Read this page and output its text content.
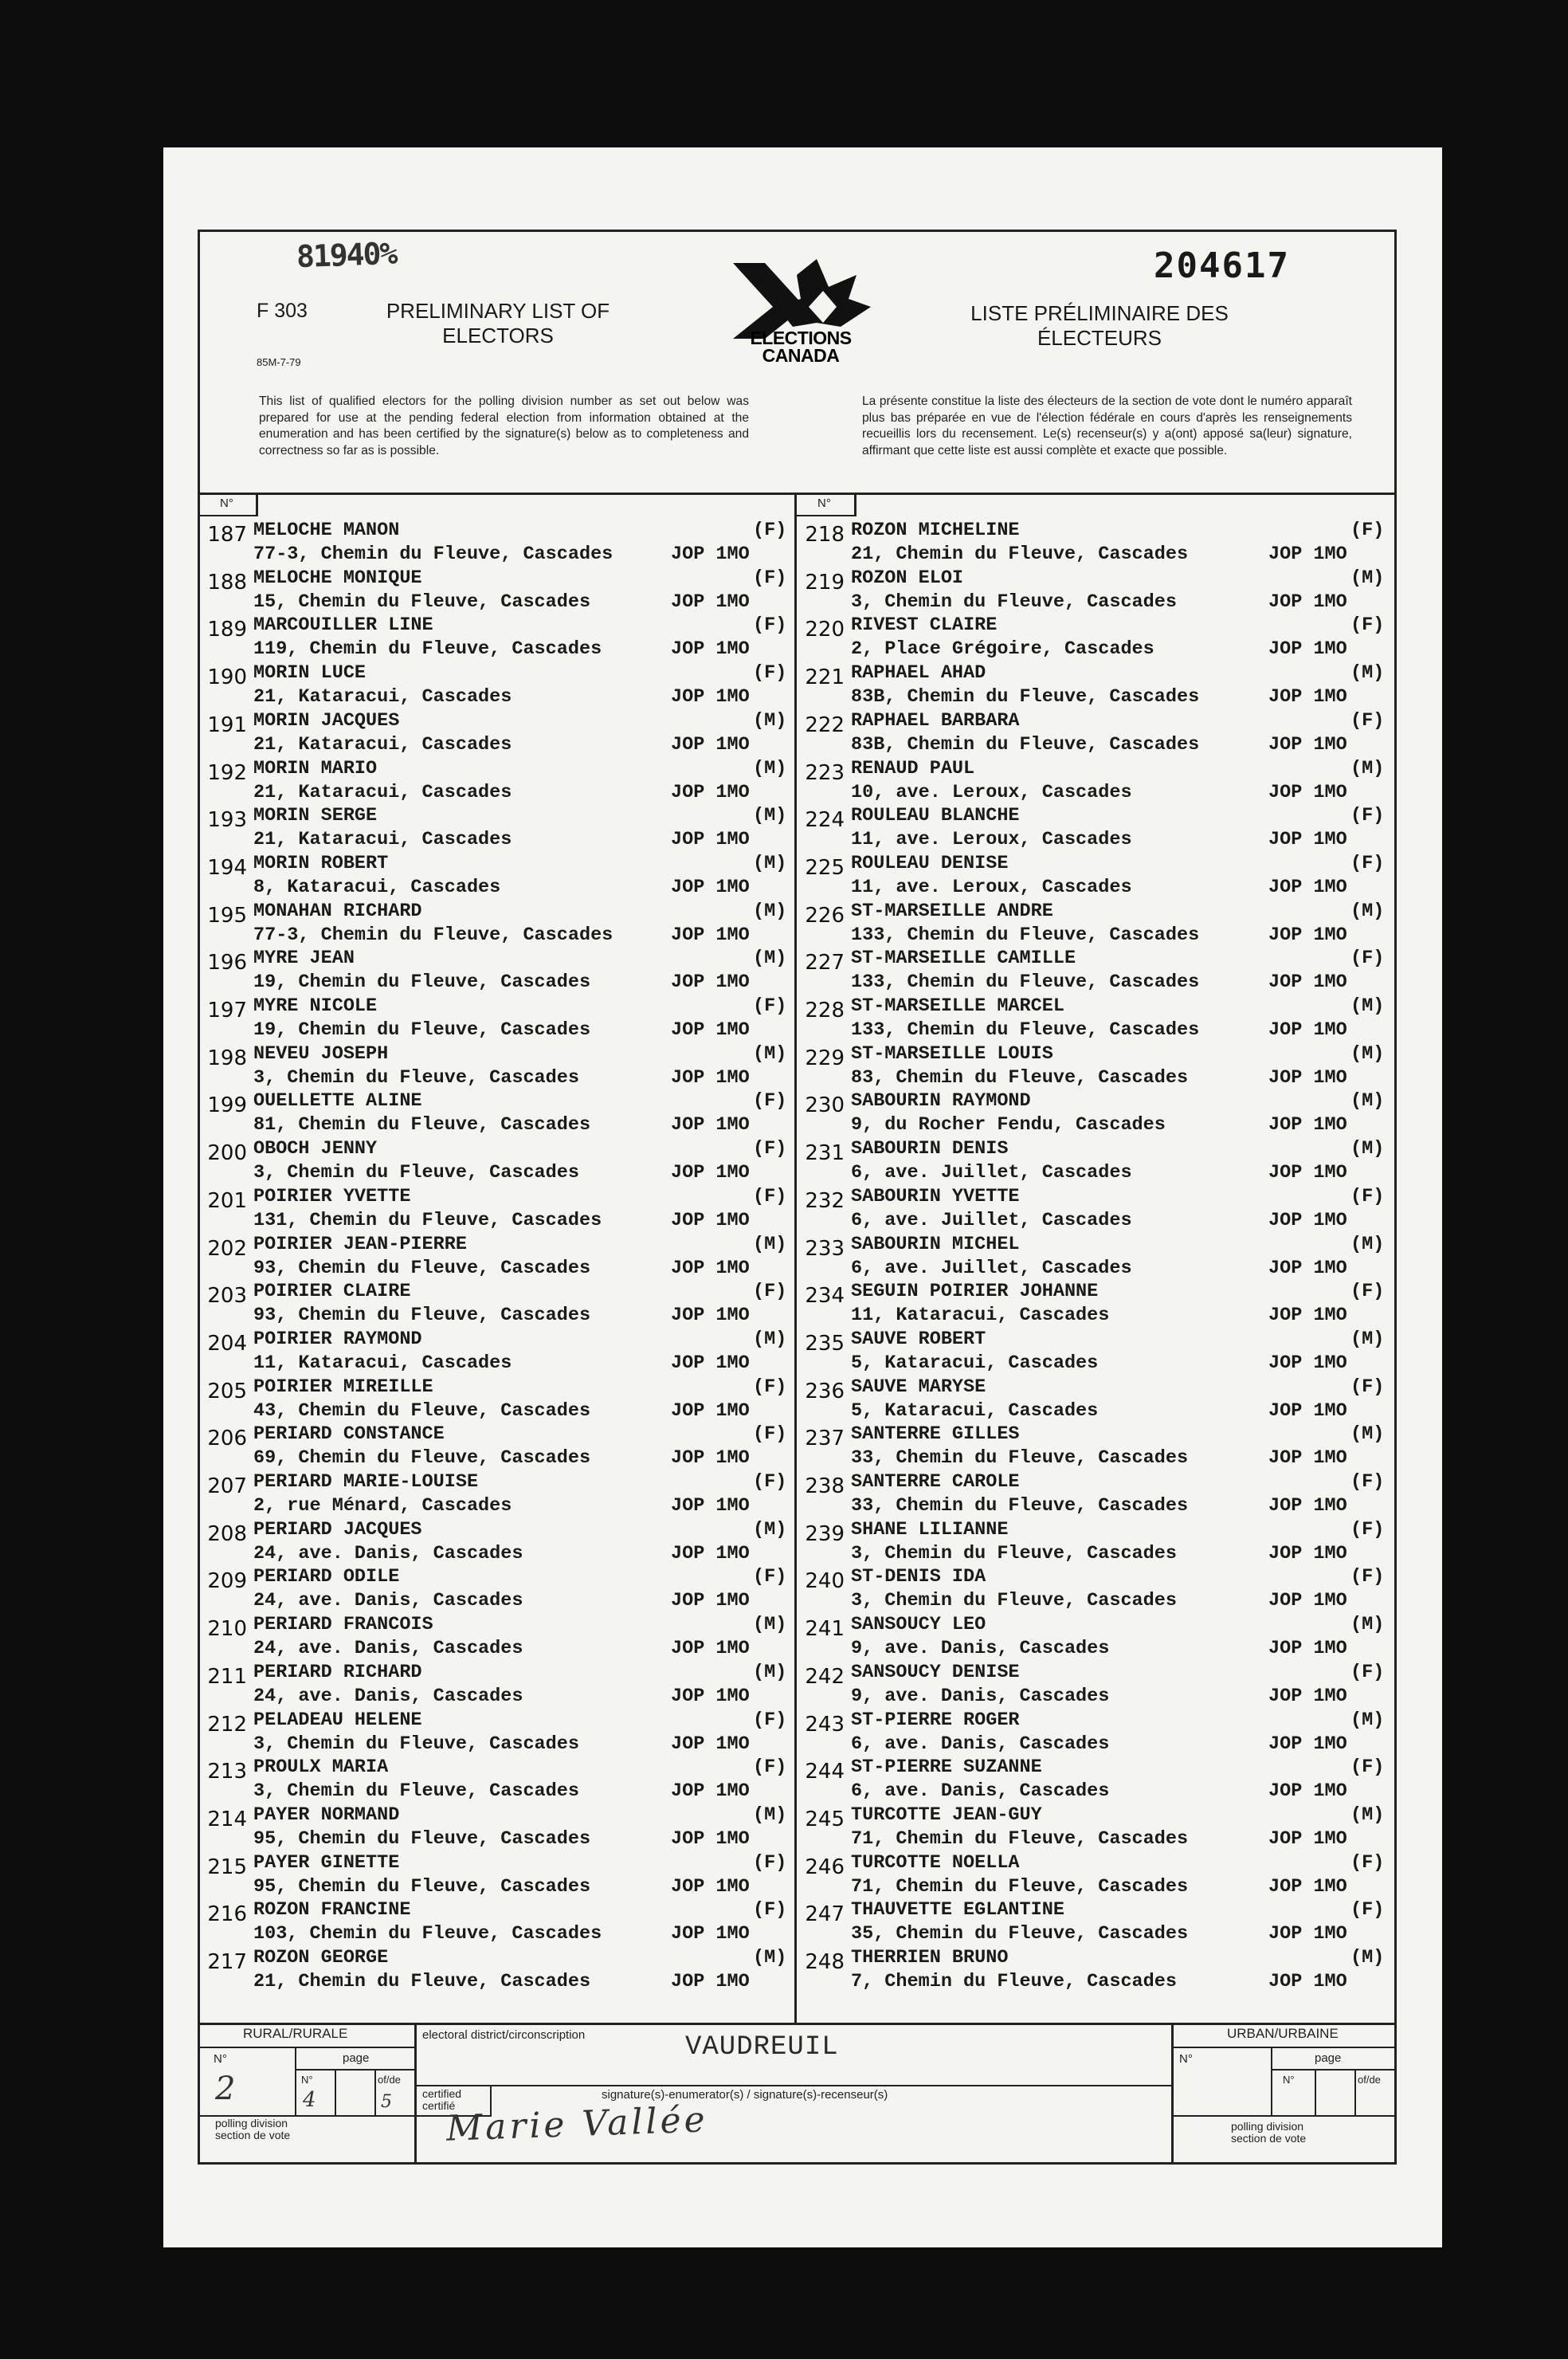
81940%	204617
F 303
85M-7-79
PRELIMINARY LIST OF ELECTORS
LISTE PRÉLIMINAIRE DES ÉLECTEURS
ELECTIONS
CANADA
This list of qualified electors for the polling division number as set out below was prepared for use at the pending federal election from information obtained at the enumeration and has been certified by the signature(s) below as to completeness and correctness so far as is possible.
La présente constitue la liste des électeurs de la section de vote dont le numéro apparaît plus bas préparée en vue de l'élection fédérale en cours d'après les renseignements recueillis lors du recensement. Le(s) recenseur(s) y a(ont) apposé sa(leur) signature, affirmant que cette liste est aussi complète et exacte que possible.
N°	N°
187 MELOCHE MANON	(F)
77-3, Chemin du Fleuve, Cascades	JOP 1MO
188 MELOCHE MONIQUE	(F)
15, Chemin du Fleuve, Cascades	JOP 1MO
189 MARCOUILLER LINE	(F)
119, Chemin du Fleuve, Cascades	JOP 1MO
190 MORIN LUCE	(F)
21, Kataracui, Cascades	JOP 1MO
191 MORIN JACQUES	(M)
21, Kataracui, Cascades	JOP 1MO
192 MORIN MARIO	(M)
21, Kataracui, Cascades	JOP 1MO
193 MORIN SERGE	(M)
21, Kataracui, Cascades	JOP 1MO
194 MORIN ROBERT	(M)
8, Kataracui, Cascades	JOP 1MO
195 MONAHAN RICHARD	(M)
77-3, Chemin du Fleuve, Cascades	JOP 1MO
196 MYRE JEAN	(M)
19, Chemin du Fleuve, Cascades	JOP 1MO
197 MYRE NICOLE	(F)
19, Chemin du Fleuve, Cascades	JOP 1MO
198 NEVEU JOSEPH	(M)
3, Chemin du Fleuve, Cascades	JOP 1MO
199 OUELLETTE ALINE	(F)
81, Chemin du Fleuve, Cascades	JOP 1MO
200 OBOCH JENNY	(F)
3, Chemin du Fleuve, Cascades	JOP 1MO
201 POIRIER YVETTE	(F)
131, Chemin du Fleuve, Cascades	JOP 1MO
202 POIRIER JEAN-PIERRE	(M)
93, Chemin du Fleuve, Cascades	JOP 1MO
203 POIRIER CLAIRE	(F)
93, Chemin du Fleuve, Cascades	JOP 1MO
204 POIRIER RAYMOND	(M)
11, Kataracui, Cascades	JOP 1MO
205 POIRIER MIREILLE	(F)
43, Chemin du Fleuve, Cascades	JOP 1MO
206 PERIARD CONSTANCE	(F)
69, Chemin du Fleuve, Cascades	JOP 1MO
207 PERIARD MARIE-LOUISE	(F)
2, rue Ménard, Cascades	JOP 1MO
208 PERIARD JACQUES	(M)
24, ave. Danis, Cascades	JOP 1MO
209 PERIARD ODILE	(F)
24, ave. Danis, Cascades	JOP 1MO
210 PERIARD FRANCOIS	(M)
24, ave. Danis, Cascades	JOP 1MO
211 PERIARD RICHARD	(M)
24, ave. Danis, Cascades	JOP 1MO
212 PELADEAU HELENE	(F)
3, Chemin du Fleuve, Cascades	JOP 1MO
213 PROULX MARIA	(F)
3, Chemin du Fleuve, Cascades	JOP 1MO
214 PAYER NORMAND	(M)
95, Chemin du Fleuve, Cascades	JOP 1MO
215 PAYER GINETTE	(F)
95, Chemin du Fleuve, Cascades	JOP 1MO
216 ROZON FRANCINE	(F)
103, Chemin du Fleuve, Cascades	JOP 1MO
217 ROZON GEORGE	(M)
21, Chemin du Fleuve, Cascades	JOP 1MO
218 ROZON MICHELINE	(F)
21, Chemin du Fleuve, Cascades	JOP 1MO
219 ROZON ELOI	(M)
3, Chemin du Fleuve, Cascades	JOP 1MO
220 RIVEST CLAIRE	(F)
2, Place Grégoire, Cascades	JOP 1MO
221 RAPHAEL AHAD	(M)
83B, Chemin du Fleuve, Cascades	JOP 1MO
222 RAPHAEL BARBARA	(F)
83B, Chemin du Fleuve, Cascades	JOP 1MO
223 RENAUD PAUL	(M)
10, ave. Leroux, Cascades	JOP 1MO
224 ROULEAU BLANCHE	(F)
11, ave. Leroux, Cascades	JOP 1MO
225 ROULEAU DENISE	(F)
11, ave. Leroux, Cascades	JOP 1MO
226 ST-MARSEILLE ANDRE	(M)
133, Chemin du Fleuve, Cascades	JOP 1MO
227 ST-MARSEILLE CAMILLE	(F)
133, Chemin du Fleuve, Cascades	JOP 1MO
228 ST-MARSEILLE MARCEL	(M)
133, Chemin du Fleuve, Cascades	JOP 1MO
229 ST-MARSEILLE LOUIS	(M)
83, Chemin du Fleuve, Cascades	JOP 1MO
230 SABOURIN RAYMOND	(M)
9, du Rocher Fendu, Cascades	JOP 1MO
231 SABOURIN DENIS	(M)
6, ave. Juillet, Cascades	JOP 1MO
232 SABOURIN YVETTE	(F)
6, ave. Juillet, Cascades	JOP 1MO
233 SABOURIN MICHEL	(M)
6, ave. Juillet, Cascades	JOP 1MO
234 SEGUIN POIRIER JOHANNE	(F)
11, Kataracui, Cascades	JOP 1MO
235 SAUVE ROBERT	(M)
5, Kataracui, Cascades	JOP 1MO
236 SAUVE MARYSE	(F)
5, Kataracui, Cascades	JOP 1MO
237 SANTERRE GILLES	(M)
33, Chemin du Fleuve, Cascades	JOP 1MO
238 SANTERRE CAROLE	(F)
33, Chemin du Fleuve, Cascades	JOP 1MO
239 SHANE LILIANNE	(F)
3, Chemin du Fleuve, Cascades	JOP 1MO
240 ST-DENIS IDA	(F)
3, Chemin du Fleuve, Cascades	JOP 1MO
241 SANSOUCY LEO	(M)
9, ave. Danis, Cascades	JOP 1MO
242 SANSOUCY DENISE	(F)
9, ave. Danis, Cascades	JOP 1MO
243 ST-PIERRE ROGER	(M)
6, ave. Danis, Cascades	JOP 1MO
244 ST-PIERRE SUZANNE	(F)
6, ave. Danis, Cascades	JOP 1MO
245 TURCOTTE JEAN-GUY	(M)
71, Chemin du Fleuve, Cascades	JOP 1MO
246 TURCOTTE NOELLA	(F)
71, Chemin du Fleuve, Cascades	JOP 1MO
247 THAUVETTE EGLANTINE	(F)
35, Chemin du Fleuve, Cascades	JOP 1MO
248 THERRIEN BRUNO	(M)
7, Chemin du Fleuve, Cascades	JOP 1MO
RURAL/RURALE	URBAN/URBAINE
electoral district/circonscription	VAUDREUIL
N°	page
N°	of/de
polling division
section de vote
certified
certifié
signature(s)-enumerator(s) / signature(s)-recenseur(s)
N°	page
N°	of/de
polling division
section de vote
2	4	5 Marie Vallée
